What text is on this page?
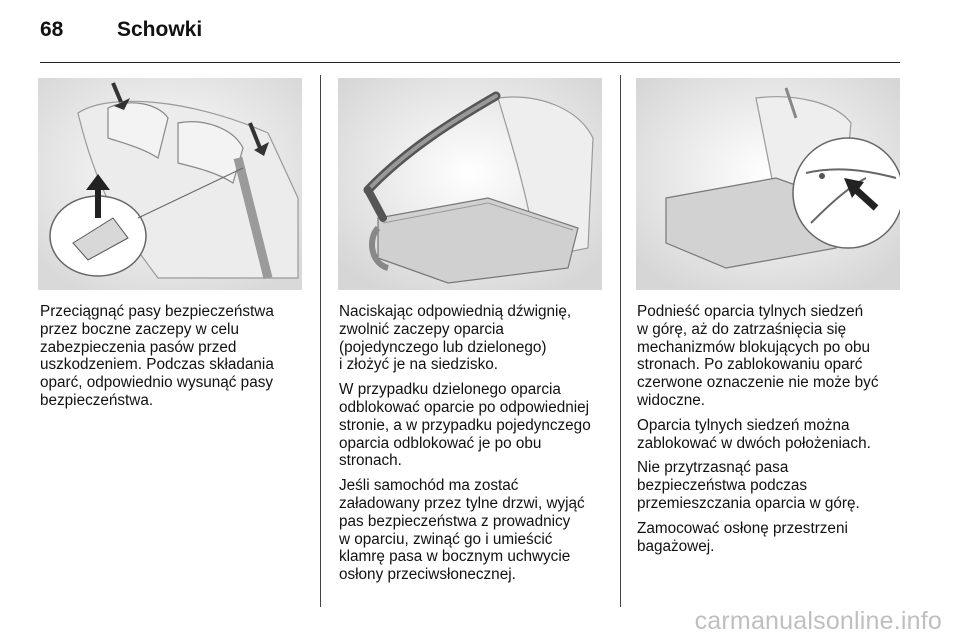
68	Schowki

Przeciągnąć pasy bezpieczeństwa
przez boczne zaczepy w celu
zabezpieczenia pasów przed
uszkodzeniem. Podczas składania
oparć, odpowiednio wysunąć pasy
bezpieczeństwa.

Naciskając odpowiednią dźwignię,
zwolnić zaczepy oparcia
(pojedynczego lub dzielonego)
i złożyć je na siedzisko.

W przypadku dzielonego oparcia
odblokować oparcie po odpowiedniej
stronie, a w przypadku pojedynczego
oparcia odblokować je po obu
stronach.

Jeśli samochód ma zostać
załadowany przez tylne drzwi, wyjąć
pas bezpieczeństwa z prowadnicy
w oparciu, zwinąć go i umieścić
klamrę pasa w bocznym uchwycie
osłony przeciwsłonecznej.

Podnieść oparcia tylnych siedzeń
w górę, aż do zatrzaśnięcia się
mechanizmów blokujących po obu
stronach. Po zablokowaniu oparć
czerwone oznaczenie nie może być
widoczne.

Oparcia tylnych siedzeń można
zablokować w dwóch położeniach.

Nie przytrzasnąć pasa
bezpieczeństwa podczas
przemieszczania oparcia w górę.

Zamocować osłonę przestrzeni
bagażowej.

carmanualsonline.info
